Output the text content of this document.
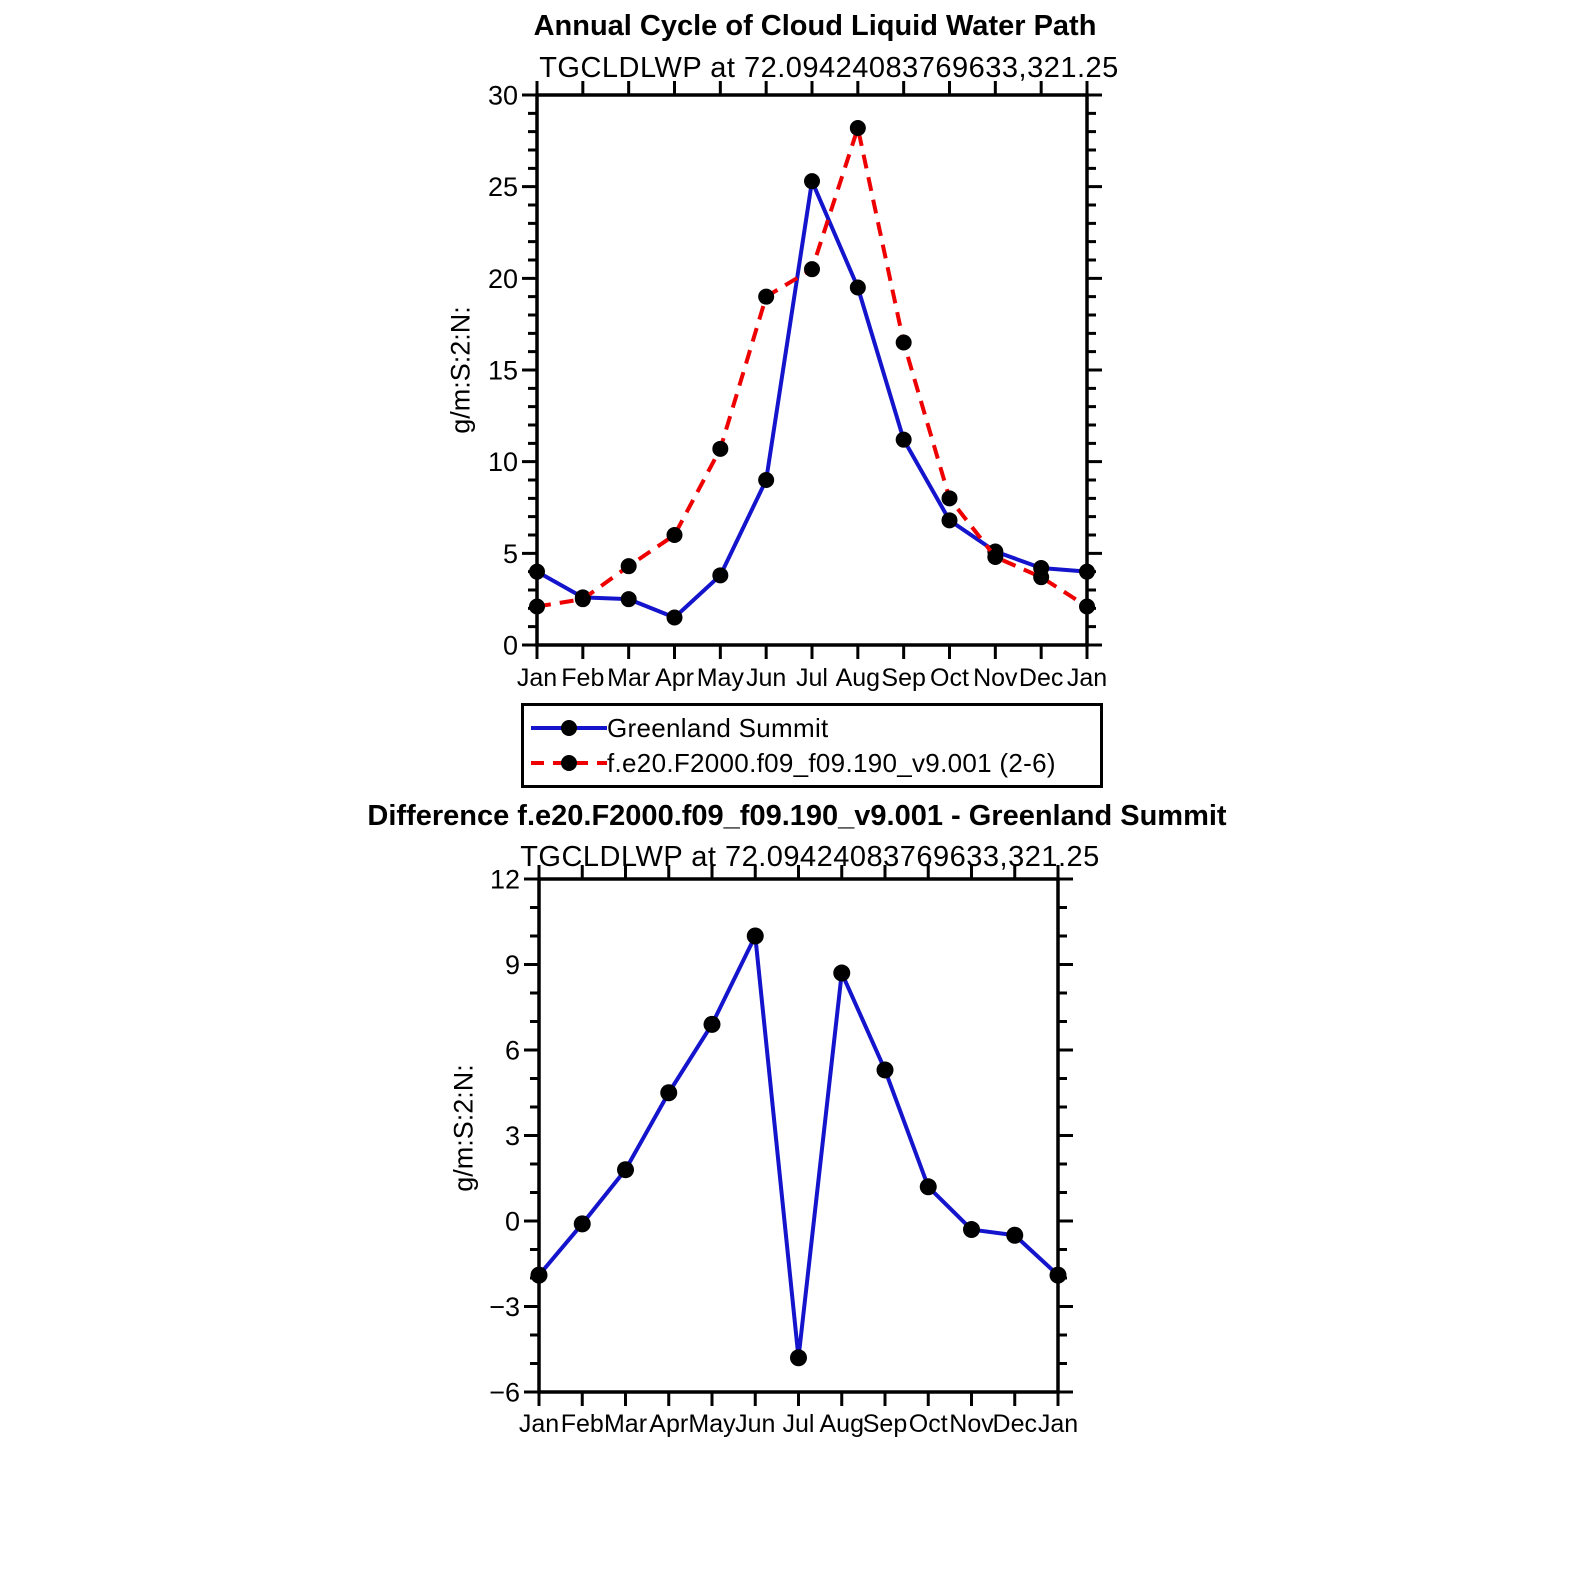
Annual Cycle of Cloud Liquid Water Path
TGCLDLWP at 72.09424083769633,321.25
g/m:S:2:N:
Difference f.e20.F2000.f09_f09.190_v9.001 - Greenland Summit
TGCLDLWP at 72.09424083769633,321.25
g/m:S:2:N:
0
5
10
15
20
25
30
Jan Feb Mar Apr May Jun Jul Aug Sep Oct Nov Dec Jan
−6
−3
0
3
6
9
12
Jan Feb Mar Apr May Jun Jul Aug
Sep Oct Nov
Dec Jan
Greenland Summit
f.e20.F2000.f09_f09.190_v9.001 (2-6)
